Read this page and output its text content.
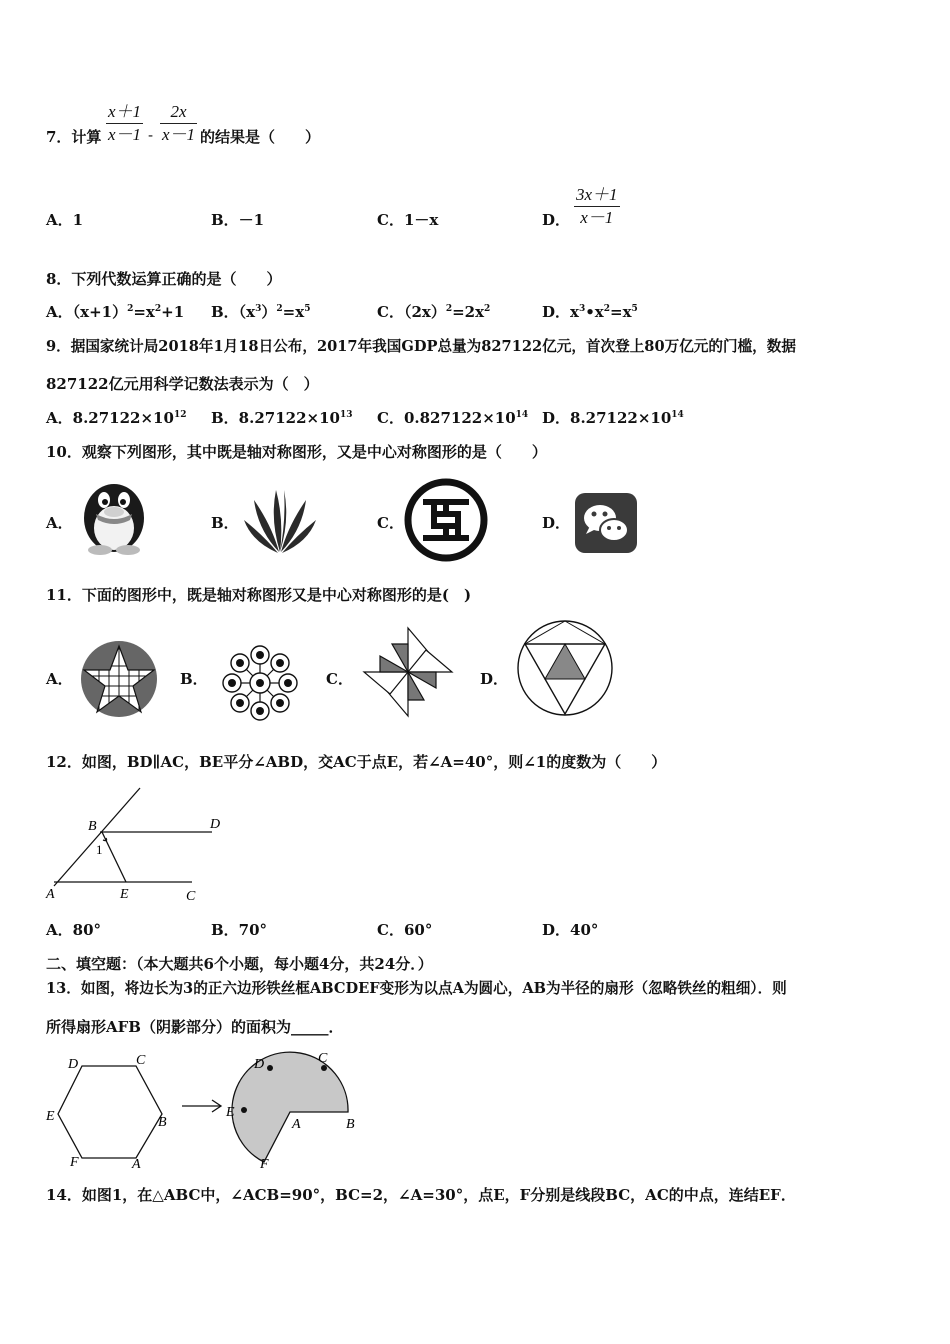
7．计算 $\frac{x+1}{x-1} - \frac{2x}{x-1}$ 的结果是（　　）
A．1	B．－1	C．1－x	D． $\frac{3x+1}{x-1}$
8．下列代数运算正确的是（　　）
A．$(x+1)^2=x^2+1$ B．$(x^3)^2=x^5$	C．$(2x)^2=2x^2$	D．$x^3•x^2=x^5$
9．据国家统计局2018年1月18日公布，2017年我国GDP总量为827122亿元，首次登上80万亿元的门槛，数据
827122亿元用科学记数法表示为（　）
A．$8.27122\times 10^{12}$ B．$8.27122\times 10^{13}$ C．$0.827122\times 10^{14}$ D．$8.27122\times 10^{14}$
10．观察下列图形，其中既是轴对称图形，又是中心对称图形的是（　　）
A．	B．	C．	D．
11．下面的图形中，既是轴对称图形又是中心对称图形的是(　)
A．	B．	C．	D．
12．如图，BD∥AC，BE平分∠ABD，交AC于点E，若∠A=40°，则∠1的度数为（　　）
B	D
1
A	E	C
A．80°	B．70°	C．60°	D．40°
二、填空题：（本大题共6个小题，每小题4分，共24分．）
13．如图，将边长为3的正六边形铁丝框ABCDEF变形为以点A为圆心，AB为半径的扇形（忽略铁丝的粗细）．则
所得扇形AFB（阴影部分）的面积为_____．
D	C
E	B
F	A
D	C
E
A	B
F
14．如图1，在△ABC中，∠ACB=90°，BC=2，∠A=30°，点E，F分别是线段BC，AC的中点，连结EF．
